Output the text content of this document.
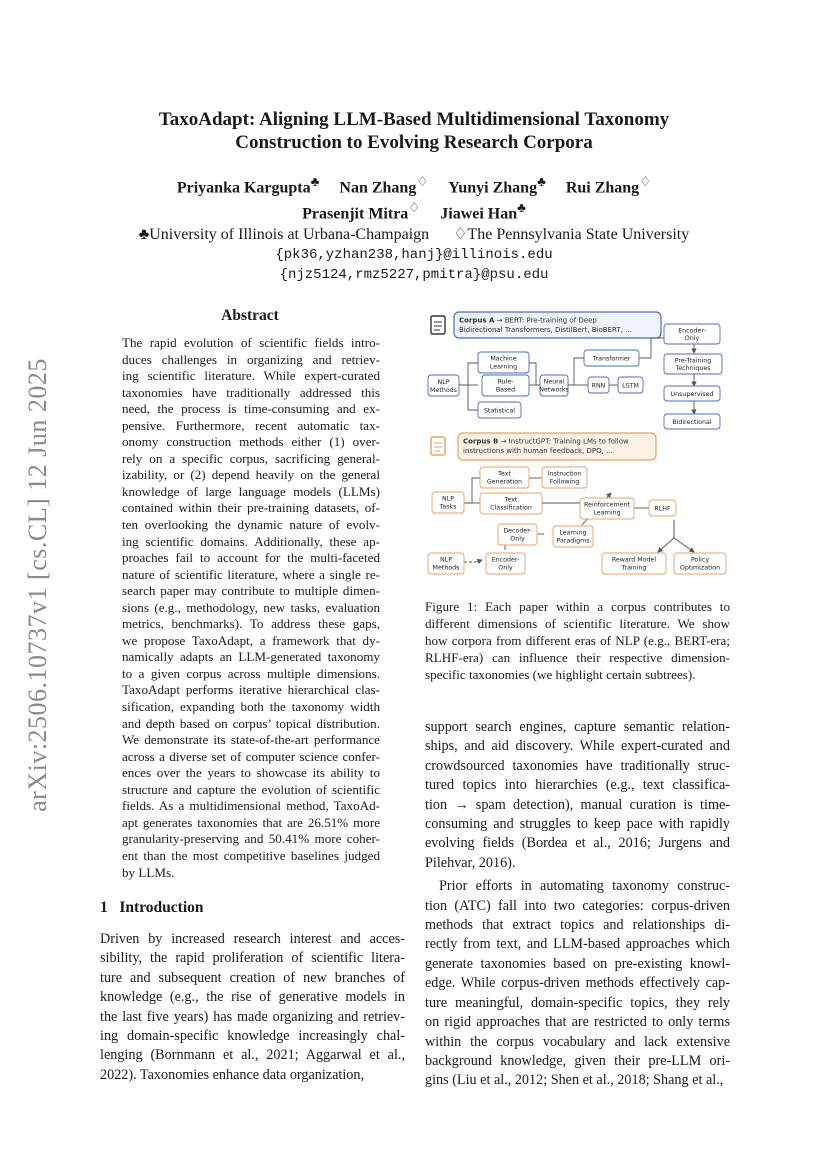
arXiv:2506.10737v1 [cs.CL] 12 Jun 2025
TaxoAdapt: Aligning LLM-Based Multidimensional Taxonomy
Construction to Evolving Research Corpora
Priyanka Kargupta♣ Nan Zhang♢ Yunyi Zhang♣ Rui Zhang♢
Prasenjit Mitra♢ Jiawei Han♣
♣University of Illinois at Urbana-Champaign ♢The Pennsylvania State University
{pk36,yzhan238,hanj}@illinois.edu
{njz5124,rmz5227,pmitra}@psu.edu
Abstract
The rapid evolution of scientific fields intro-
duces challenges in organizing and retriev-
ing scientific literature. While expert-curated
taxonomies have traditionally addressed this
need, the process is time-consuming and ex-
pensive. Furthermore, recent automatic tax-
onomy construction methods either (1) over-
rely on a specific corpus, sacrificing general-
izability, or (2) depend heavily on the general
knowledge of large language models (LLMs)
contained within their pre-training datasets, of-
ten overlooking the dynamic nature of evolv-
ing scientific domains. Additionally, these ap-
proaches fail to account for the multi-faceted
nature of scientific literature, where a single re-
search paper may contribute to multiple dimen-
sions (e.g., methodology, new tasks, evaluation
metrics, benchmarks). To address these gaps,
we propose TaxoAdapt, a framework that dy-
namically adapts an LLM-generated taxonomy
to a given corpus across multiple dimensions.
TaxoAdapt performs iterative hierarchical clas-
sification, expanding both the taxonomy width
and depth based on corpus’ topical distribution.
We demonstrate its state-of-the-art performance
across a diverse set of computer science confer-
ences over the years to showcase its ability to
structure and capture the evolution of scientific
fields. As a multidimensional method, TaxoAd-
apt generates taxonomies that are 26.51% more
granularity-preserving and 50.41% more coher-
ent than the most competitive baselines judged
by LLMs.
1 Introduction
Driven by increased research interest and acces-
sibility, the rapid proliferation of scientific litera-
ture and subsequent creation of new branches of
knowledge (e.g., the rise of generative models in
the last five years) has made organizing and retriev-
ing domain-specific knowledge increasingly chal-
lenging (Bornmann et al., 2021; Aggarwal et al.,
2022). Taxonomies enhance data organization,
Corpus A → BERT: Pre-training of Deep
Bidirectional Transformers, DistilBert, BioBERT, ...
NLP
Methods
Machine
Learning
Rule-
Based
Statistical
Neural
Networks
Transformer
RNN	LSTM
Encoder-
Only
Pre-Training
Techniques
Unsupervised
Bidirectional
Corpus B → InstructGPT: Training LMs to follow
instructions with human feedback, DPO, ...
NLP
Tasks
Text
Generation
Instruction
Following
Text
Classification	Reinforcement
Learning
RLHF
Decoder-
Only
Learning
Paradigms
NLP
Methods
Encoder-
Only
Reward Model
Training
Policy
Optimization
Figure 1: Each paper within a corpus contributes to
different dimensions of scientific literature. We show
how corpora from different eras of NLP (e.g., BERT-era;
RLHF-era) can influence their respective dimension-
specific taxonomies (we highlight certain subtrees).
support search engines, capture semantic relation-
ships, and aid discovery. While expert-curated and
crowdsourced taxonomies have traditionally struc-
tured topics into hierarchies (e.g., text classifica-
tion → spam detection), manual curation is time-
consuming and struggles to keep pace with rapidly
evolving fields (Bordea et al., 2016; Jurgens and
Pilehvar, 2016).
Prior efforts in automating taxonomy construc-
tion (ATC) fall into two categories: corpus-driven
methods that extract topics and relationships di-
rectly from text, and LLM-based approaches which
generate taxonomies based on pre-existing knowl-
edge. While corpus-driven methods effectively cap-
ture meaningful, domain-specific topics, they rely
on rigid approaches that are restricted to only terms
within the corpus vocabulary and lack extensive
background knowledge, given their pre-LLM ori-
gins (Liu et al., 2012; Shen et al., 2018; Shang et al.,
